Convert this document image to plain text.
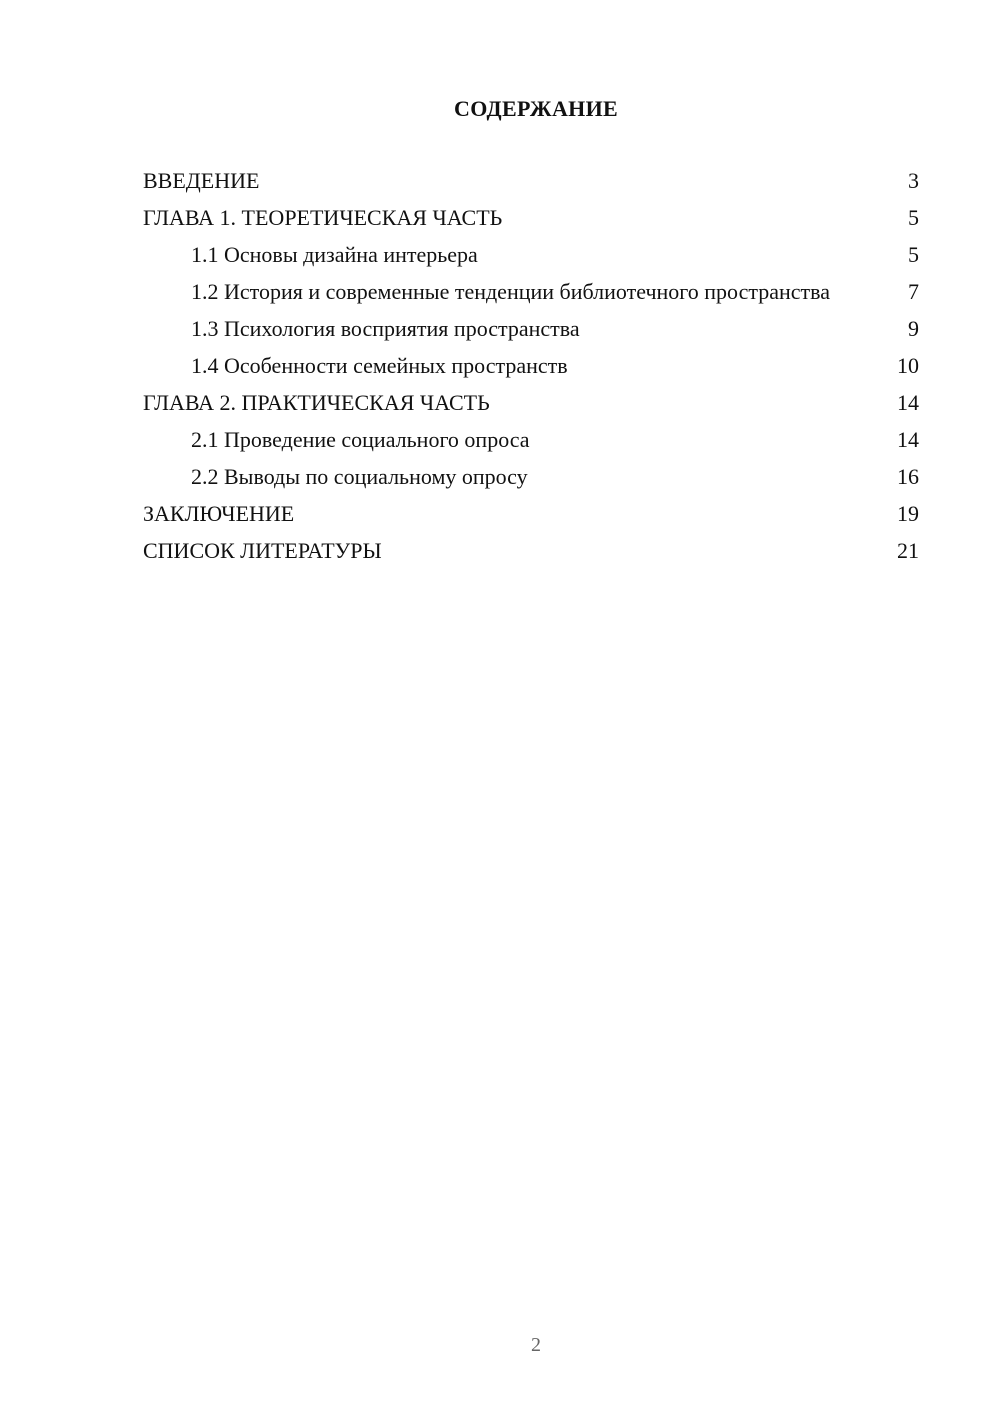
СОДЕРЖАНИЕ
ВВЕДЕНИЕ	3
ГЛАВА 1. ТЕОРЕТИЧЕСКАЯ ЧАСТЬ	5
1.1 Основы дизайна интерьера	5
1.2 История и современные тенденции библиотечного пространства	7
1.3 Психология восприятия пространства	9
1.4 Особенности семейных пространств	10
ГЛАВА 2. ПРАКТИЧЕСКАЯ ЧАСТЬ	14
2.1 Проведение социального опроса	14
2.2 Выводы по социальному опросу	16
ЗАКЛЮЧЕНИЕ	19
СПИСОК ЛИТЕРАТУРЫ	21
2
